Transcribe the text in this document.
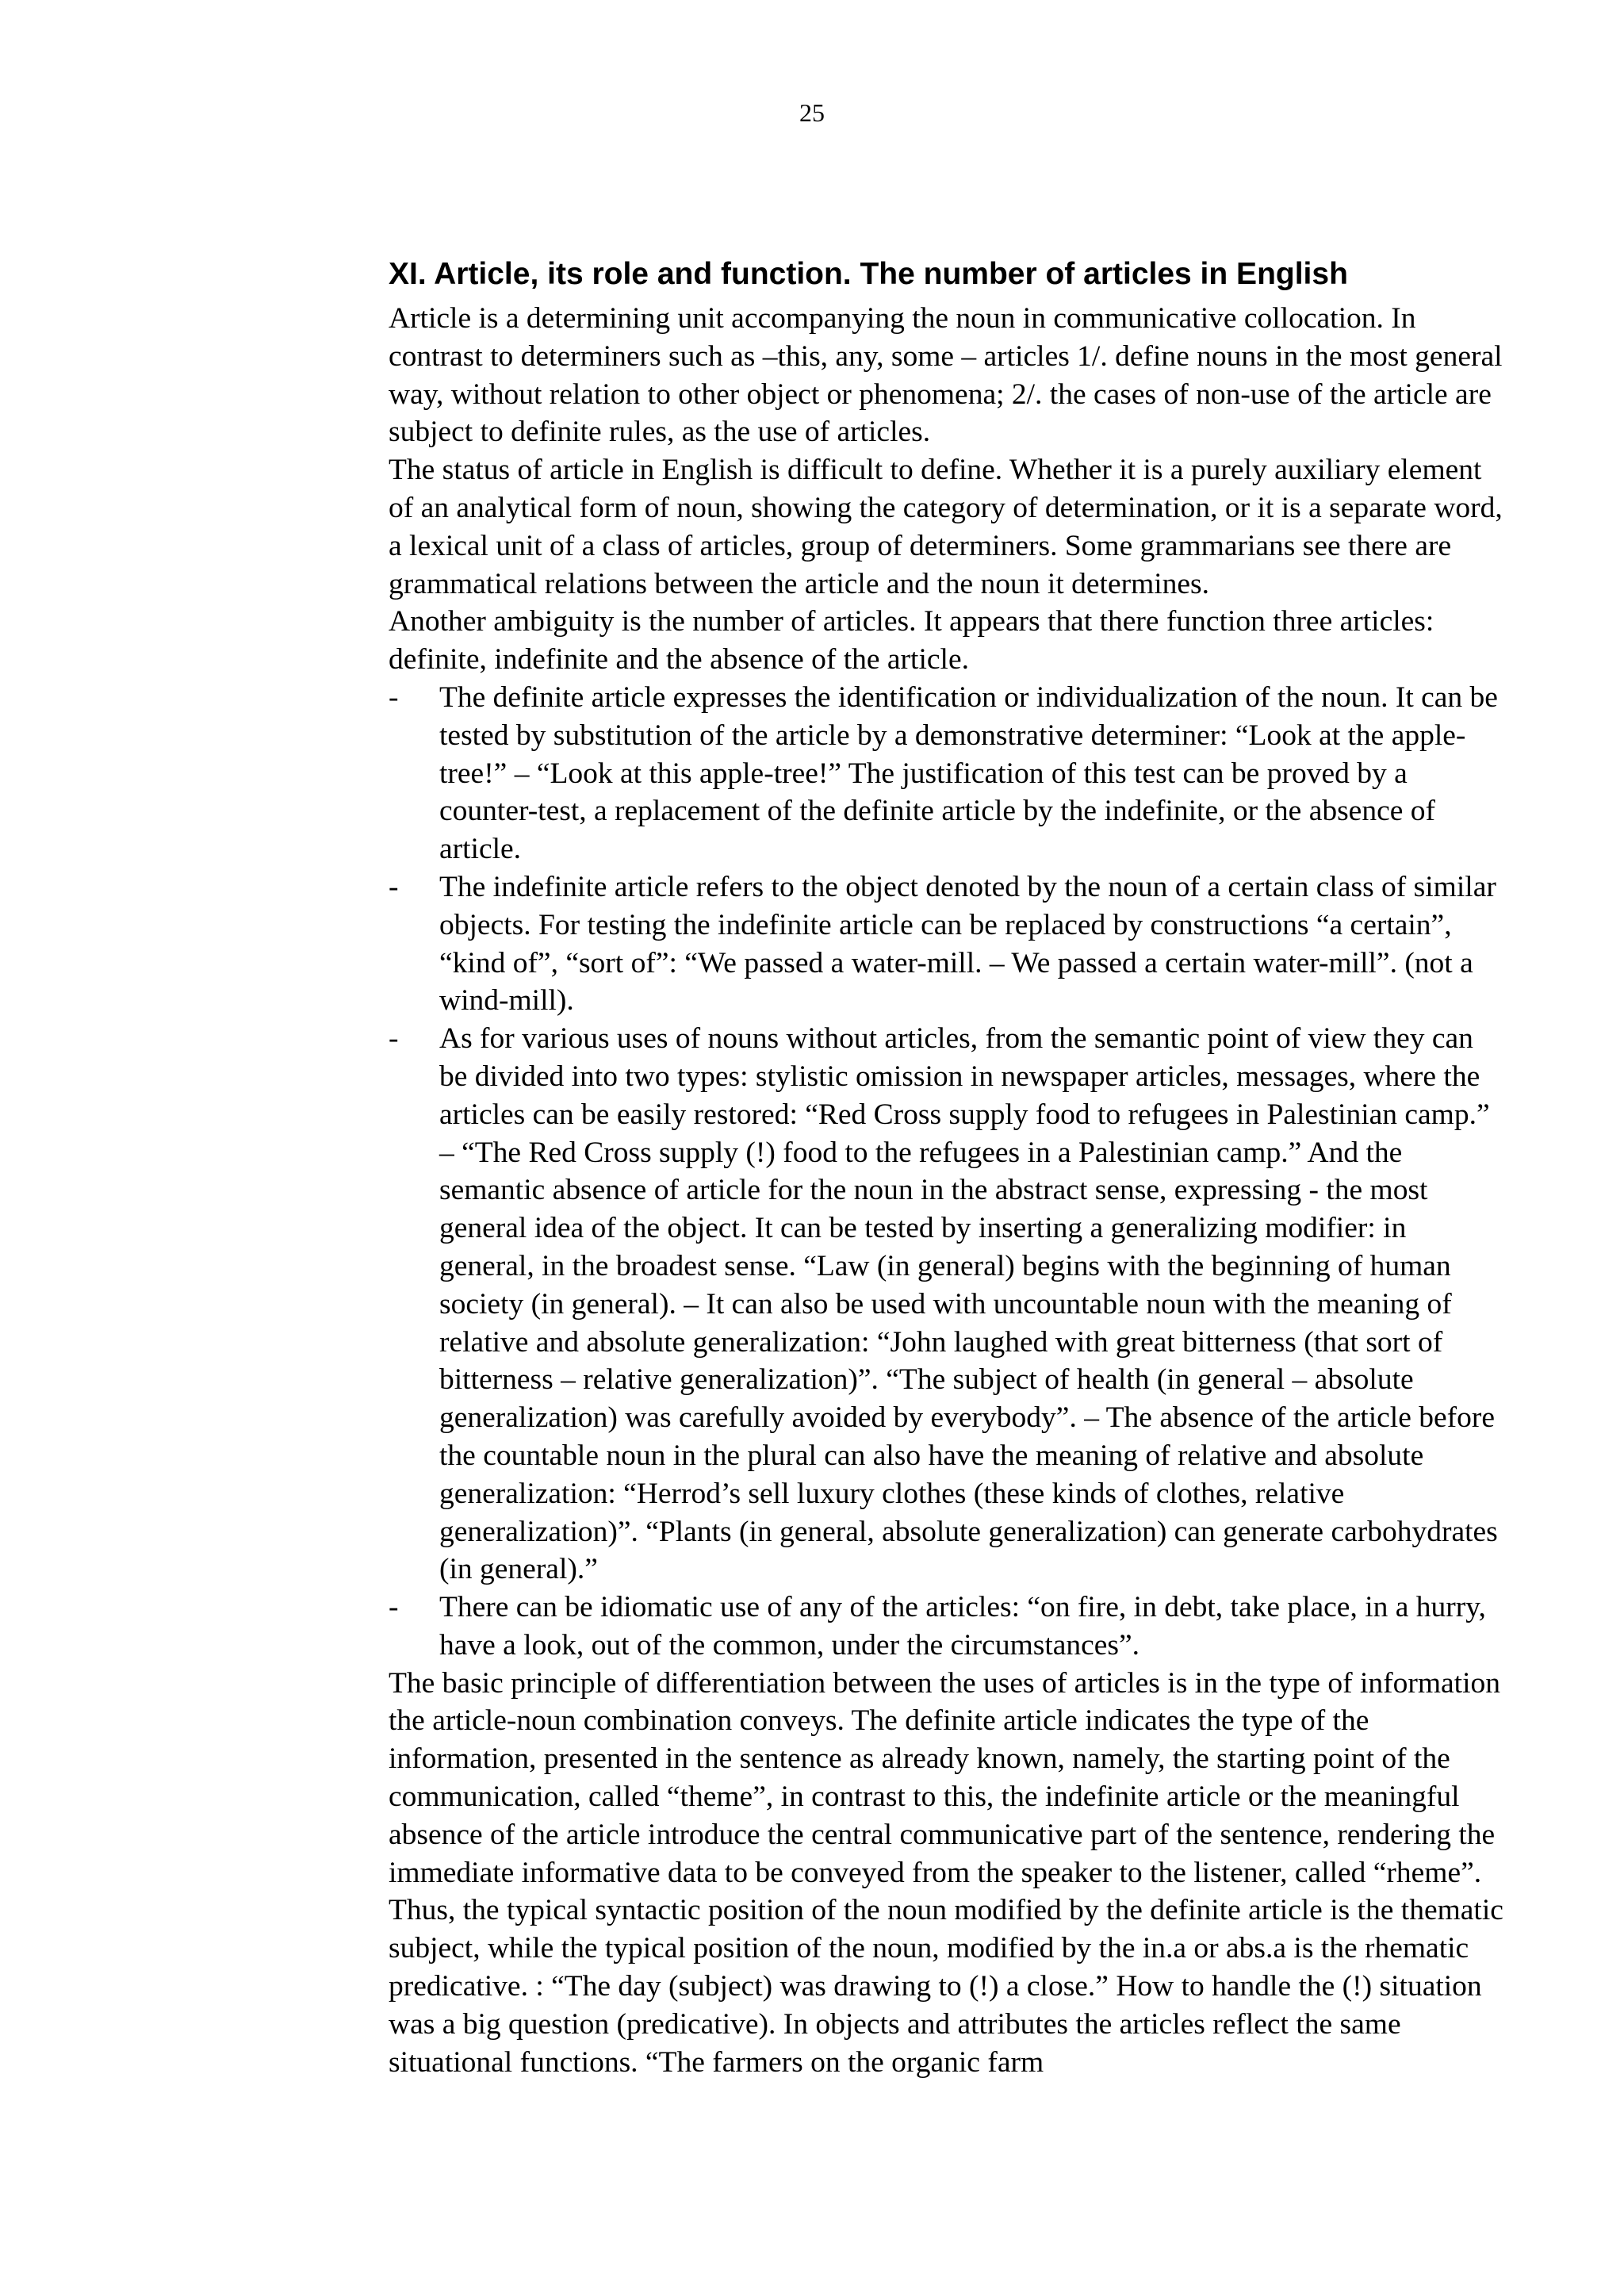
25
XI. Article, its role and function. The number of articles in English

Article is a determining unit accompanying the noun in communicative collocation. In contrast to determiners such as –this, any, some – articles 1/. define nouns in the most general way, without relation to other object or phenomena; 2/. the cases of non-use of the article are subject to definite rules, as the use of articles.

The status of article in English is difficult to define. Whether it is a purely auxiliary element of an analytical form of noun, showing the category of determination, or it is a separate word, a lexical unit of a class of articles, group of determiners. Some grammarians see there are grammatical relations between the article and the noun it determines.

Another ambiguity is the number of articles. It appears that there function three articles: definite, indefinite and the absence of the article.

- The definite article expresses the identification or individualization of the noun. It can be tested by substitution of the article by a demonstrative determiner: “Look at the apple-tree!” – “Look at this apple-tree!” The justification of this test can be proved by a counter-test, a replacement of the definite article by the indefinite, or the absence of article.
- The indefinite article refers to the object denoted by the noun of a certain class of similar objects. For testing the indefinite article can be replaced by constructions “a certain”, “kind of”, “sort of”: “We passed a water-mill. – We passed a certain water-mill”. (not a wind-mill).
- As for various uses of nouns without articles, from the semantic point of view they can be divided into two types: stylistic omission in newspaper articles, messages, where the articles can be easily restored: “Red Cross supply food to refugees in Palestinian camp.” – “The Red Cross supply (!) food to the refugees in a Palestinian camp.” And the semantic absence of article for the noun in the abstract sense, expressing - the most general idea of the object. It can be tested by inserting a generalizing modifier: in general, in the broadest sense. “Law (in general) begins with the beginning of human society (in general). – It can also be used with uncountable noun with the meaning of relative and absolute generalization: “John laughed with great bitterness (that sort of bitterness – relative generalization)”. “The subject of health (in general – absolute generalization) was carefully avoided by everybody”. – The absence of the article before the countable noun in the plural can also have the meaning of relative and absolute generalization: “Herrod’s sell luxury clothes (these kinds of clothes, relative generalization)”. “Plants (in general, absolute generalization) can generate carbohydrates (in general).”
- There can be idiomatic use of any of the articles: “on fire, in debt, take place, in a hurry, have a look, out of the common, under the circumstances”.

The basic principle of differentiation between the uses of articles is in the type of information the article-noun combination conveys. The definite article indicates the type of the information, presented in the sentence as already known, namely, the starting point of the communication, called “theme”, in contrast to this, the indefinite article or the meaningful absence of the article introduce the central communicative part of the sentence, rendering the immediate informative data to be conveyed from the speaker to the listener, called “rheme”. Thus, the typical syntactic position of the noun modified by the definite article is the thematic subject, while the typical position of the noun, modified by the in.a or abs.a is the rhematic predicative. : “The day (subject) was drawing to (!) a close.” How to handle the (!) situation was a big question (predicative). In objects and attributes the articles reflect the same situational functions. “The farmers on the organic farm
